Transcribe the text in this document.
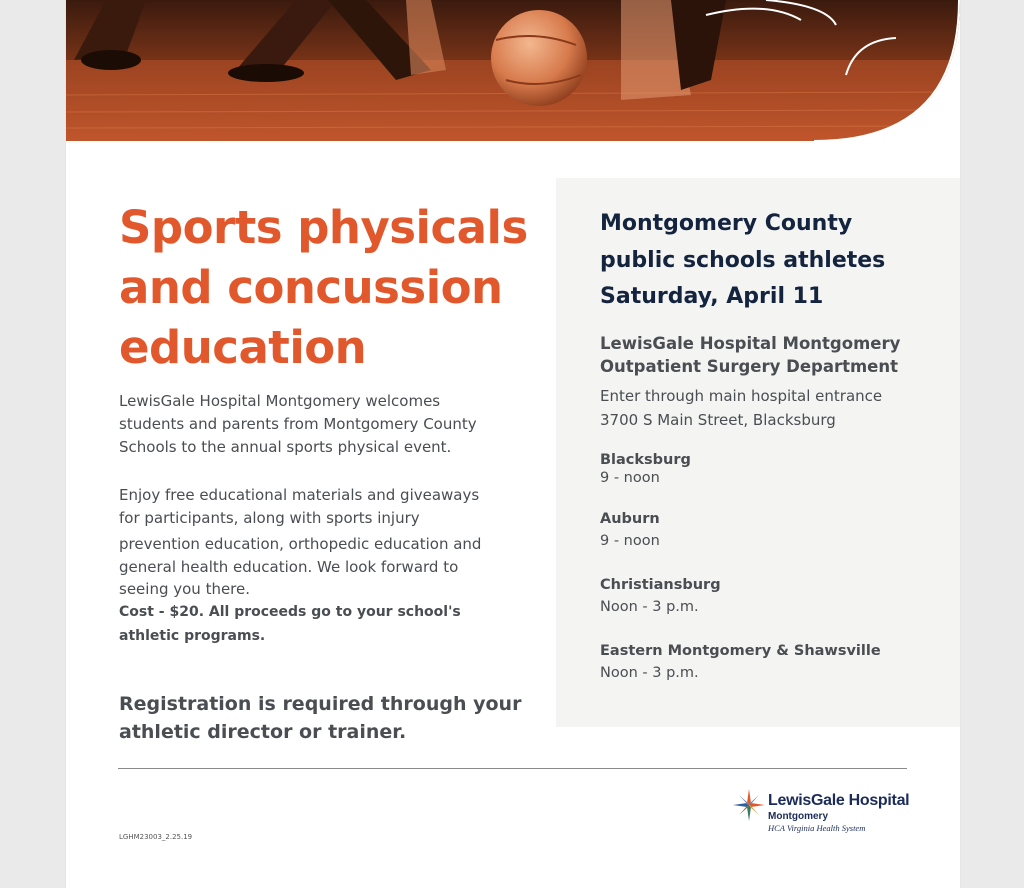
Sports physicals
and concussion
education
LewisGale Hospital Montgomery welcomes
students and parents from Montgomery County
Schools to the annual sports physical event.
Enjoy free educational materials and giveaways
for participants, along with sports injury
prevention education, orthopedic education and
general health education. We look forward to
seeing you there.
Cost - $20. All proceeds go to your school's
athletic programs.
Registration is required through your
athletic director or trainer.
Montgomery County
public schools athletes
Saturday, April 11
LewisGale Hospital Montgomery
Outpatient Surgery Department
Enter through main hospital entrance
3700 S Main Street, Blacksburg
Blacksburg
9 - noon
Auburn
9 - noon
Christiansburg
Noon - 3 p.m.
Eastern Montgomery & Shawsville
Noon - 3 p.m.
LGHM23003_2.25.19
LewisGale Hospital
Montgomery
HCA Virginia Health System
